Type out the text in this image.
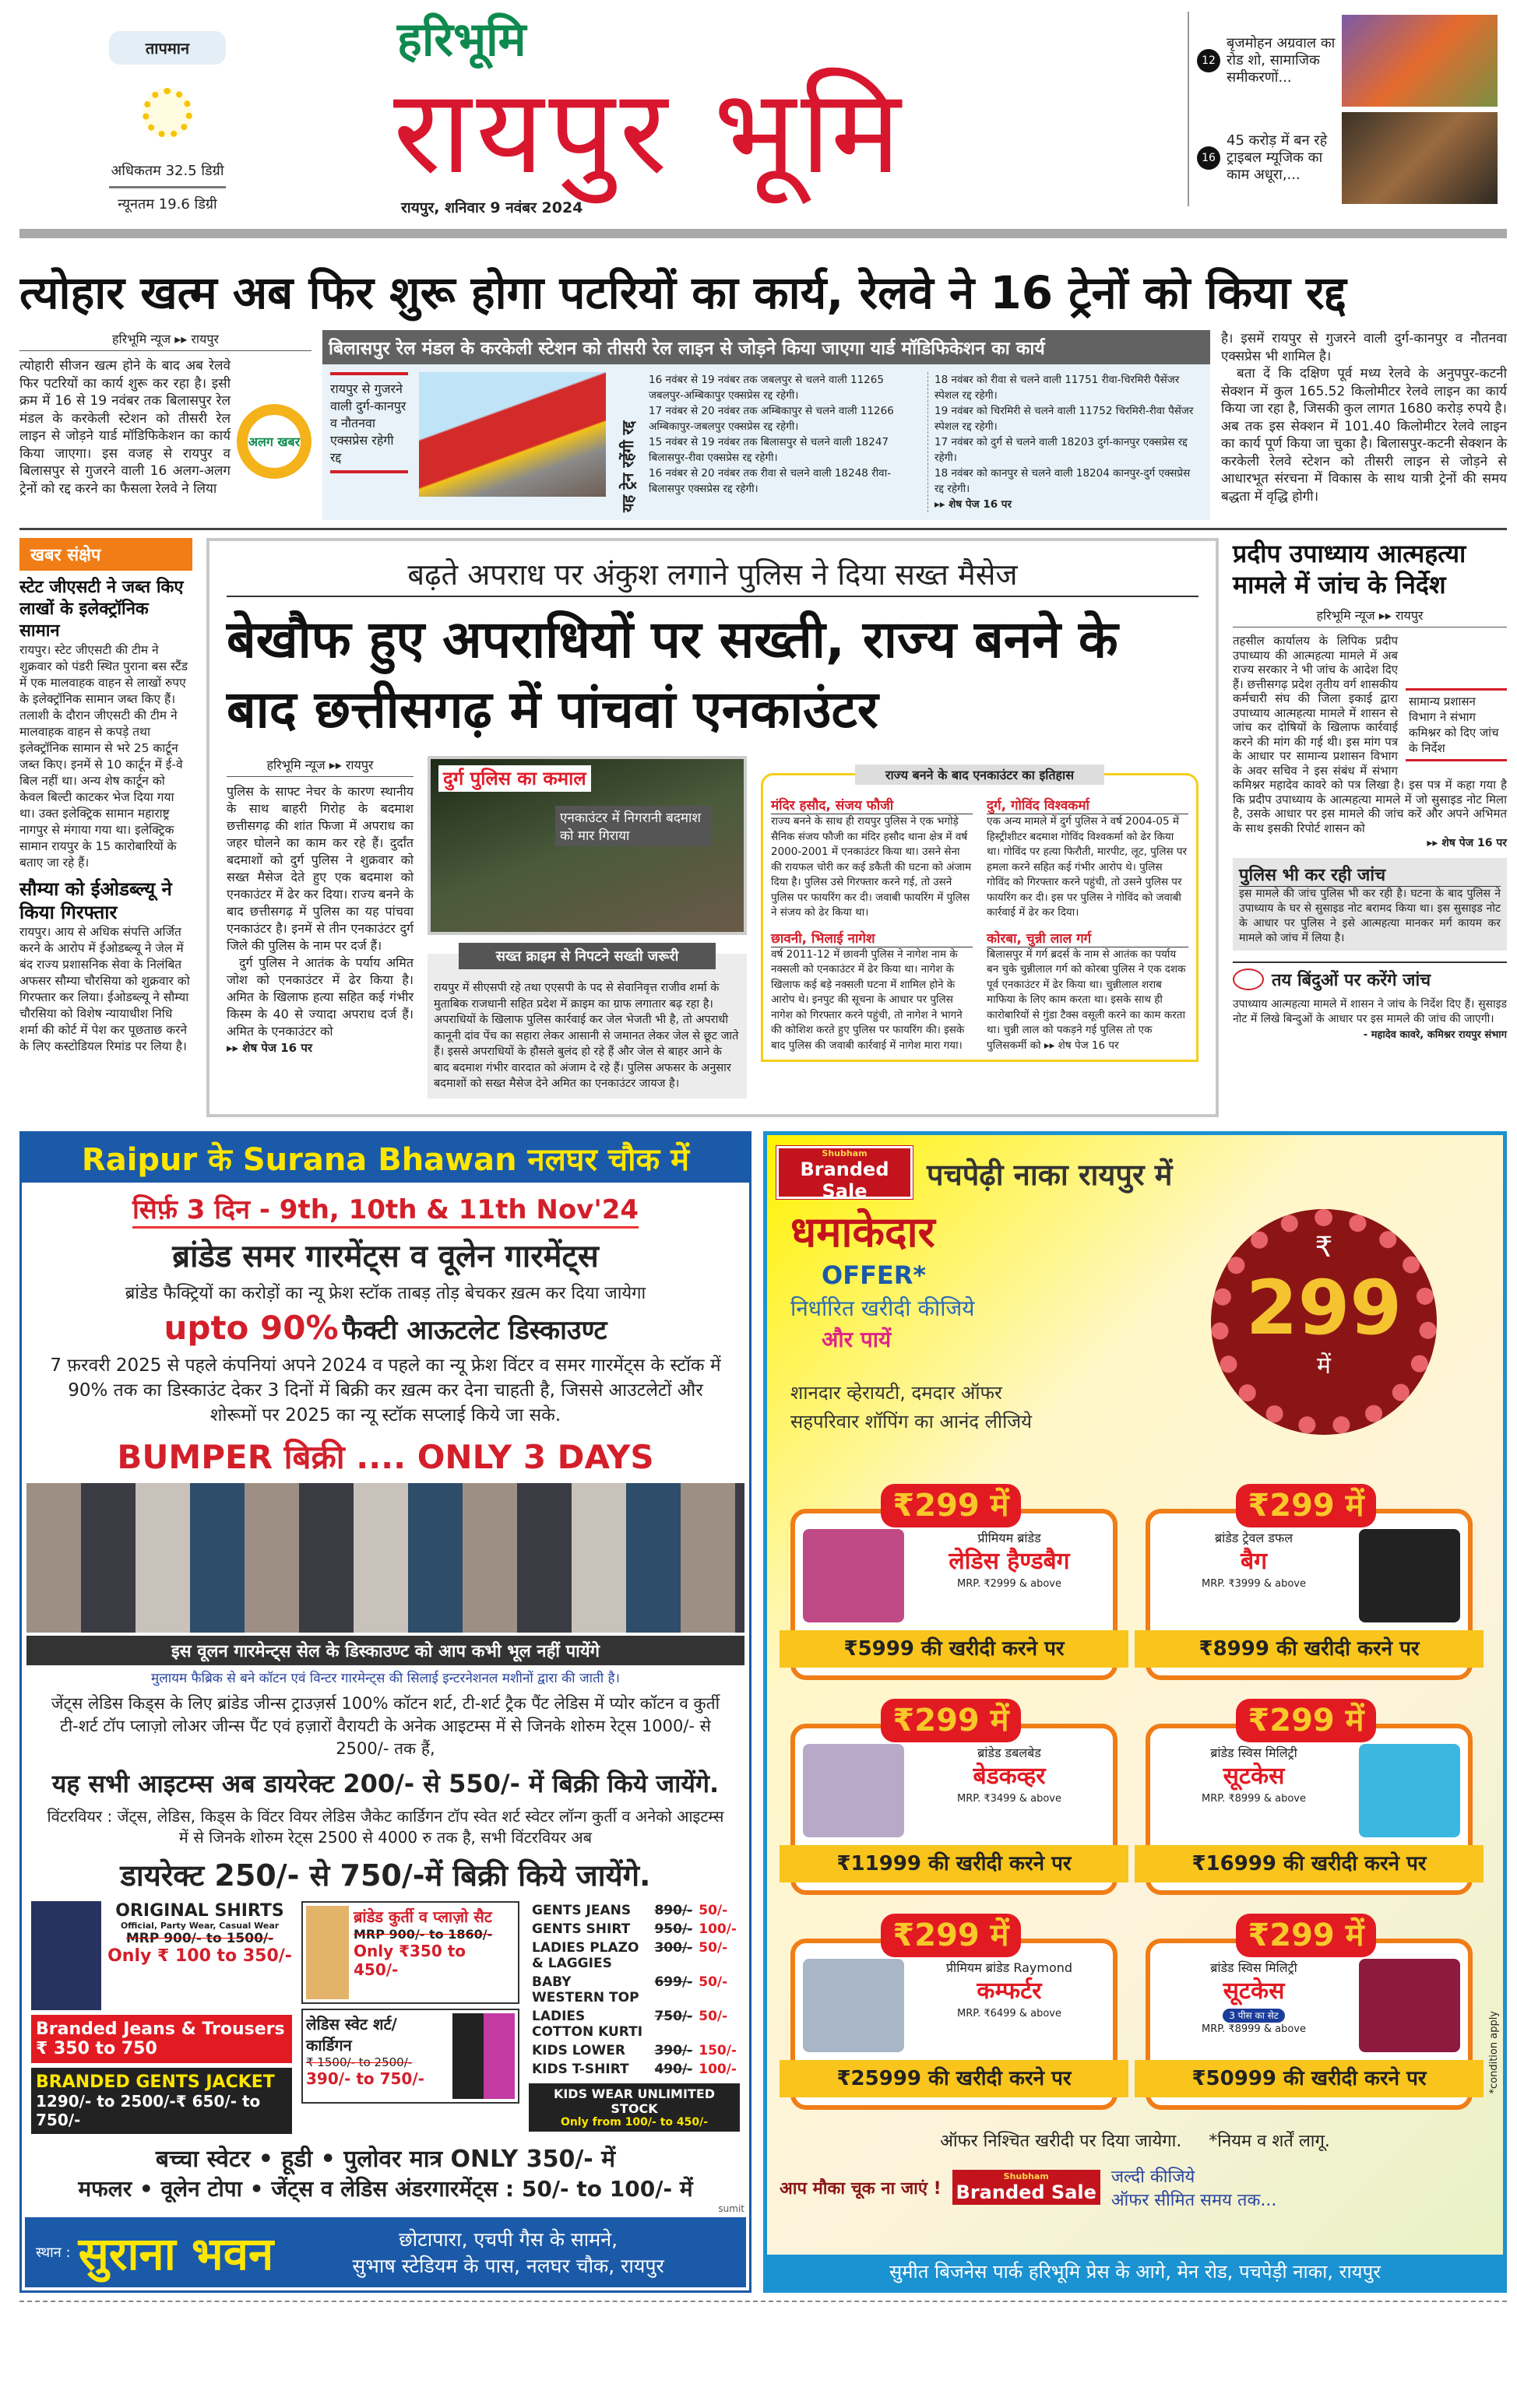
तापमान
अधिकतम 32.5 डिग्री
न्यूनतम 19.6 डिग्री
हरिभूमि
रायपुर भूमि
रायपुर, शनिवार 9 नवंबर 2024
12
बृजमोहन अग्रवाल का रोड शो, सामाजिक समीकरणों...
16
45 करोड़ में बन रहे ट्राइबल म्यूजिक का काम अधूरा,...
त्योहार खत्म अब फिर शुरू होगा पटरियों का कार्य, रेलवे ने 16 ट्रेनों को किया रद्द
हरिभूमि न्यूज ▸▸ रायपुर

त्योहारी सीजन खत्म होने के बाद अब रेलवे फिर पटरियों का कार्य शुरू कर रहा है। इसी क्रम में 16 से 19 नवंबर तक बिलासपुर रेल मंडल के करकेली स्टेशन को तीसरी रेल लाइन से जोड़ने यार्ड मॉडिफिकेशन का कार्य किया जाएगा। इस वजह से रायपुर व बिलासपुर से गुजरने वाली 16 अलग-अलग ट्रेनों को रद्द करने का फैसला रेलवे ने लिया

अलग खबर
बिलासपुर रेल मंडल के करकेली स्टेशन को तीसरी रेल लाइन से जोड़ने किया जाएगा यार्ड मॉडिफिकेशन का कार्य
रायपुर से गुजरने वाली दुर्ग-कानपुर व नौतनवा एक्सप्रेस रहेगी रद्द	यह ट्रेन रहेंगी रद्द
16 नवंबर से 19 नवंबर तक जबलपुर से चलने वाली 11265 जबलपुर-अम्बिकापुर एक्सप्रेस रद्द रहेगी।
17 नवंबर से 20 नवंबर तक अम्बिकापुर से चलने वाली 11266 अम्बिकापुर-जबलपुर एक्सप्रेस रद्द रहेगी।
15 नवंबर से 19 नवंबर तक बिलासपुर से चलने वाली 18247 बिलासपुर-रीवा एक्सप्रेस रद्द रहेगी।
16 नवंबर से 20 नवंबर तक रीवा से चलने वाली 18248 रीवा-बिलासपुर एक्सप्रेस रद्द रहेगी।
18 नवंबर को रीवा से चलने वाली 11751 रीवा-चिरमिरी पैसेंजर स्पेशल रद्द रहेगी।
19 नवंबर को चिरमिरी से चलने वाली 11752 चिरमिरी-रीवा पैसेंजर स्पेशल रद्द रहेगी।
17 नवंबर को दुर्ग से चलने वाली 18203 दुर्ग-कानपुर एक्सप्रेस रद्द रहेगी।
18 नवंबर को कानपुर से चलने वाली 18204 कानपुर-दुर्ग एक्सप्रेस रद्द रहेगी।
▸▸ शेष पेज 16 पर

है। इसमें रायपुर से गुजरने वाली दुर्ग-कानपुर व नौतनवा एक्सप्रेस भी शामिल है।

बता दें कि दक्षिण पूर्व मध्य रेलवे के अनुपपुर-कटनी सेक्शन में कुल 165.52 किलोमीटर रेलवे लाइन का कार्य किया जा रहा है, जिसकी कुल लागत 1680 करोड़ रुपये है। अब तक इस सेक्शन में 101.40 किलोमीटर रेलवे लाइन का कार्य पूर्ण किया जा चुका है। बिलासपुर-कटनी सेक्शन के करकेली रेलवे स्टेशन को तीसरी लाइन से जोड़ने से आधारभूत संरचना में विकास के साथ यात्री ट्रेनों की समय बद्धता में वृद्धि होगी।

खबर संक्षेप
स्टेट जीएसटी ने जब्त किए लाखों के इलेक्ट्रॉनिक सामान

रायपुर। स्टेट जीएसटी की टीम ने शुक्रवार को पंडरी स्थित पुराना बस स्टैंड में एक मालवाहक वाहन से लाखों रुपए के इलेक्ट्रॉनिक सामान जब्त किए हैं। तलाशी के दौरान जीएसटी की टीम ने मालवाहक वाहन से कपड़े तथा इलेक्ट्रॉनिक सामान से भरे 25 कार्टून जब्त किए। इनमें से 10 कार्टून में ई-वे बिल नहीं था। अन्य शेष कार्टून को केवल बिल्टी काटकर भेज दिया गया था। उक्त इलेक्ट्रिक सामान महाराष्ट्र नागपुर से मंगाया गया था। इलेक्ट्रिक सामान रायपुर के 15 कारोबारियों के बताए जा रहे हैं।

सौम्या को ईओडब्ल्यू ने किया गिरफ्तार

रायपुर। आय से अधिक संपत्ति अर्जित करने के आरोप में ईओडब्ल्यू ने जेल में बंद राज्य प्रशासनिक सेवा के निलंबित अफसर सौम्या चौरसिया को शुक्रवार को गिरफ्तार कर लिया। ईओडब्ल्यू ने सौम्या चौरसिया को विशेष न्यायाधीश निधि शर्मा की कोर्ट में पेश कर पूछताछ करने के लिए कस्टोडियल रिमांड पर लिया है।

बढ़ते अपराध पर अंकुश लगाने पुलिस ने दिया सख्त मैसेज
बेखौफ हुए अपराधियों पर सख्ती, राज्य बनने के बाद छत्तीसगढ़ में पांचवां एनकाउंटर
हरिभूमि न्यूज ▸▸ रायपुर

पुलिस के साफ्ट नेचर के कारण स्थानीय के साथ बाहरी गिरोह के बदमाश छत्तीसगढ़ की शांत फिजा में अपराध का जहर घोलने का काम कर रहे हैं। दुर्दांत बदमाशों को दुर्ग पुलिस ने शुक्रवार को सख्त मैसेज देते हुए एक बदमाश को एनकाउंटर में ढेर कर दिया। राज्य बनने के बाद छत्तीसगढ़ में पुलिस का यह पांचवा एनकाउंटर है। इनमें से तीन एनकाउंटर दुर्ग जिले की पुलिस के नाम पर दर्ज हैं।

दुर्ग पुलिस ने आतंक के पर्याय अमित जोश को एनकाउंटर में ढेर किया है। अमित के खिलाफ हत्या सहित कई गंभीर किस्म के 40 से ज्यादा अपराध दर्ज हैं। अमित के एनकाउंटर को

▸▸ शेष पेज 16 पर
दुर्ग पुलिस का कमाल
एनकाउंटर में निगरानी बदमाश को मार गिराया
सख्त क्राइम से निपटने सख्ती जरूरी

रायपुर में सीएसपी रहे तथा एएसपी के पद से सेवानिवृत्त राजीव शर्मा के मुताबिक राजधानी सहित प्रदेश में क्राइम का ग्राफ लगातार बढ़ रहा है। अपराधियों के खिलाफ पुलिस कार्रवाई कर जेल भेजती भी है, तो अपराधी कानूनी दांव पेंच का सहारा लेकर आसानी से जमानत लेकर जेल से छूट जाते हैं। इससे अपराधियों के हौसले बुलंद हो रहे हैं और जेल से बाहर आने के बाद बदमाश गंभीर वारदात को अंजाम दे रहे हैं। पुलिस अफसर के अनुसार बदमाशों को सख्त मैसेज देने अमित का एनकाउंटर जायज है।

राज्य बनने के बाद एनकाउंटर का इतिहास
मंदिर हसौद, संजय फौजी

राज्य बनने के साथ ही रायपुर पुलिस ने एक भगोड़े सैनिक संजय फौजी का मंदिर हसौद थाना क्षेत्र में वर्ष 2000-2001 में एनकाउंटर किया था। उसने सेना की रायफल चोरी कर कई डकैती की घटना को अंजाम दिया है। पुलिस उसे गिरफ्तार करने गई, तो उसने पुलिस पर फायरिंग कर दी। जवाबी फायरिंग में पुलिस ने संजय को ढेर किया था।

दुर्ग, गोविंद विश्वकर्मा

एक अन्य मामले में दुर्ग पुलिस ने वर्ष 2004-05 में हिस्ट्रीशीटर बदमाश गोविंद विश्वकर्मा को ढेर किया था। गोविंद पर हत्या फिरौती, मारपीट, लूट, पुलिस पर हमला करने सहित कई गंभीर आरोप थे। पुलिस गोविंद को गिरफ्तार करने पहुंची, तो उसने पुलिस पर फायरिंग कर दी। इस पर पुलिस ने गोविंद को जवाबी कार्रवाई में ढेर कर दिया।

छावनी, भिलाई नागेश

वर्ष 2011-12 में छावनी पुलिस ने नागेश नाम के नक्सली को एनकाउंटर में ढेर किया था। नागेश के खिलाफ कई बड़े नक्सली घटना में शामिल होने के आरोप थे। इनपुट की सूचना के आधार पर पुलिस नागेश को गिरफ्तार करने पहुंची, तो नागेश ने भागने की कोशिश करते हुए पुलिस पर फायरिंग की। इसके बाद पुलिस की जवाबी कार्रवाई में नागेश मारा गया।

कोरबा, चुन्नी लाल गर्ग

बिलासपुर में गर्ग ब्रदर्स के नाम से आतंक का पर्याय बन चुके चुन्नीलाल गर्ग को कोरबा पुलिस ने एक दशक पूर्व एनकाउंटर में ढेर किया था। चुन्नीलाल शराब माफिया के लिए काम करता था। इसके साथ ही कारोबारियों से गुंडा टैक्स वसूली करने का काम करता था। चुन्नी लाल को पकड़ने गई पुलिस तो एक पुलिसकर्मी को ▸▸ शेष पेज 16 पर

प्रदीप उपाध्याय आत्महत्या मामले में जांच के निर्देश
हरिभूमि न्यूज ▸▸ रायपुर
सामान्य प्रशासन विभाग ने संभाग कमिश्नर को दिए जांच के निर्देश

तहसील कार्यालय के लिपिक प्रदीप उपाध्याय की आत्महत्या मामले में अब राज्य सरकार ने भी जांच के आदेश दिए हैं। छत्तीसगढ़ प्रदेश तृतीय वर्ग शासकीय कर्मचारी संघ की जिला इकाई द्वारा उपाध्याय आत्महत्या मामले में शासन से जांच कर दोषियों के खिलाफ कार्रवाई करने की मांग की गई थी। इस मांग पत्र के आधार पर सामान्य प्रशासन विभाग के अवर सचिव ने इस संबंध में संभाग कमिश्नर महादेव कावरे को पत्र लिखा है। इस पत्र में कहा गया है कि प्रदीप उपाध्याय के आत्महत्या मामले में जो सुसाइड नोट मिला है, उसके आधार पर इस मामले की जांच करें और अपने अभिमत के साथ इसकी रिपोर्ट शासन को

▸▸ शेष पेज 16 पर
पुलिस भी कर रही जांच

इस मामले की जांच पुलिस भी कर रही है। घटना के बाद पुलिस ने उपाध्याय के घर से सुसाइड नोट बरामद किया था। इस सुसाइड नोट के आधार पर पुलिस ने इसे आत्महत्या मानकर मर्ग कायम कर मामले को जांच में लिया है।

तय बिंदुओं पर करेंगे जांच

उपाध्याय आत्महत्या मामले में शासन ने जांच के निर्देश दिए हैं। सुसाइड नोट में लिखे बिन्दुओं के आधार पर इस मामले की जांच की जाएगी।

- महादेव कावरे, कमिश्नर रायपुर संभाग
Raipur के Surana Bhawan नलघर चौक में
सिर्फ़ 3 दिन - 9th, 10th & 11th Nov'24
ब्रांडेड समर गारमेंट्स व वूलेन गारमेंट्स
ब्रांडेड फैक्ट्रियों का करोड़ों का न्यू फ्रेश स्टॉक ताबड़ तोड़ बेचकर ख़त्म कर दिया जायेगा
upto 90% फैक्टी आऊटलेट डिस्काउण्ट
7 फ़रवरी 2025 से पहले कंपनियां अपने 2024 व पहले का न्यू फ्रेश विंटर व समर गारमेंट्स के स्टॉक में 90% तक का डिस्काउंट देकर 3 दिनों में बिक्री कर ख़त्म कर देना चाहती है, जिससे आउटलेटों और शोरूमों पर 2025 का न्यू स्टॉक सप्लाई किये जा सके.
BUMPER बिक्री .... ONLY 3 DAYS
इस वूलन गारमेन्ट्स सेल के डिस्काउण्ट को आप कभी भूल नहीं पायेंगे
मुलायम फैब्रिक से बने कॉटन एवं विन्टर गारमेन्ट्स की सिलाई इन्टरनेशनल मशीनों द्वारा की जाती है।
जेंट्स लेडिस किड्स के लिए ब्रांडेड जीन्स ट्राउज़र्स 100% कॉटन शर्ट, टी-शर्ट ट्रैक पैंट लेडिस में प्योर कॉटन व कुर्ती टी-शर्ट टॉप प्लाज़ो लोअर जीन्स पैंट एवं हज़ारों वैरायटी के अनेक आइटम्स में से जिनके शोरुम रेट्स 1000/- से 2500/- तक हैं,
यह सभी आइटम्स अब डायरेक्ट 200/- से 550/- में बिक्री किये जायेंगे.
विंटरवियर : जेंट्स, लेडिस, किड्स के विंटर वियर लेडिस जैकेट कार्डिगन टॉप स्वेत शर्ट स्वेटर लॉन्ग कुर्ती व अनेको आइटम्स में से जिनके शोरुम रेट्स 2500 से 4000 रु तक है, सभी विंटरवियर अब
डायरेक्ट 250/- से 750/-में बिक्री किये जायेंगे.
ORIGINAL SHIRTS
Official, Party Wear, Casual Wear
MRP 900/- to 1500/-
Only ₹ 100 to 350/-
Branded Jeans & Trousers ₹ 350 to 750
BRANDED GENTS JACKET
1290/- to 2500/-₹ 650/- to 750/-
ब्रांडेड कुर्ती व प्लाज़ो सैट
MRP 900/- to 1860/-
Only ₹350 to 450/-
लेडिस स्वेट शर्ट/ कार्डिगन
₹ 1500/- to 2500/-
390/- to 750/-
GENTS JEANS	890/-	50/-
GENTS SHIRT	950/-	100/-
LADIES PLAZO & LAGGIES	300/-	50/-
BABY WESTERN TOP	699/-	50/-
LADIES COTTON KURTI	750/-	50/-
KIDS LOWER	390/-	150/-
KIDS T-SHIRT	490/-	100/-
KIDS WEAR UNLIMITED STOCK
Only from 100/- to 450/-
बच्चा स्वेटर • हूडी • पुलोवर मात्र ONLY 350/- में
मफलर • वूलेन टोपा • जेंट्स व लेडिस अंडरगारमेंट्स : 50/- to 100/- में
sumit
स्थान : सुराना भवन	छोटापारा, एचपी गैस के सामने,
सुभाष स्टेडियम के पास, नलघर चौक, रायपुर
Shubham
Branded Sale	पचपेढ़ी नाका रायपुर में
धमाकेदार
OFFER*
निर्धारित खरीदी कीजिये
और पायें
शानदार व्हेरायटी, दमदार ऑफर
सहपरिवार शॉपिंग का आनंद लीजिये
₹
299
में
₹299 में
प्रीमियम ब्रांडेड
लेडिस हैण्डबैग
MRP. ₹2999 & above
₹5999 की खरीदी करने पर
₹299 में
ब्रांडेड ट्रेवल डफल
बैग
MRP. ₹3999 & above
₹8999 की खरीदी करने पर
₹299 में
ब्रांडेड डबलबेड
बेडकव्हर
MRP. ₹3499 & above
₹11999 की खरीदी करने पर
₹299 में
ब्रांडेड स्विस मिलिट्री
सूटकेस
MRP. ₹8999 & above
₹16999 की खरीदी करने पर
₹299 में
प्रीमियम ब्रांडेड Raymond
कम्फर्टर
MRP. ₹6499 & above
₹25999 की खरीदी करने पर
₹299 में
ब्रांडेड स्विस मिलिट्री
सूटकेस
3 पीस का सेट
MRP. ₹8999 & above
₹50999 की खरीदी करने पर	*condition apply
ऑफर निश्चित खरीदी पर दिया जायेगा. *नियम व शर्तें लागू.
आप मौका चूक ना जाएं !
Shubham
Branded Sale
जल्दी कीजिये
ऑफर सीमित समय तक...
सुमीत बिजनेस पार्क हरिभूमि प्रेस के आगे, मेन रोड, पचपेड़ी नाका, रायपुर
